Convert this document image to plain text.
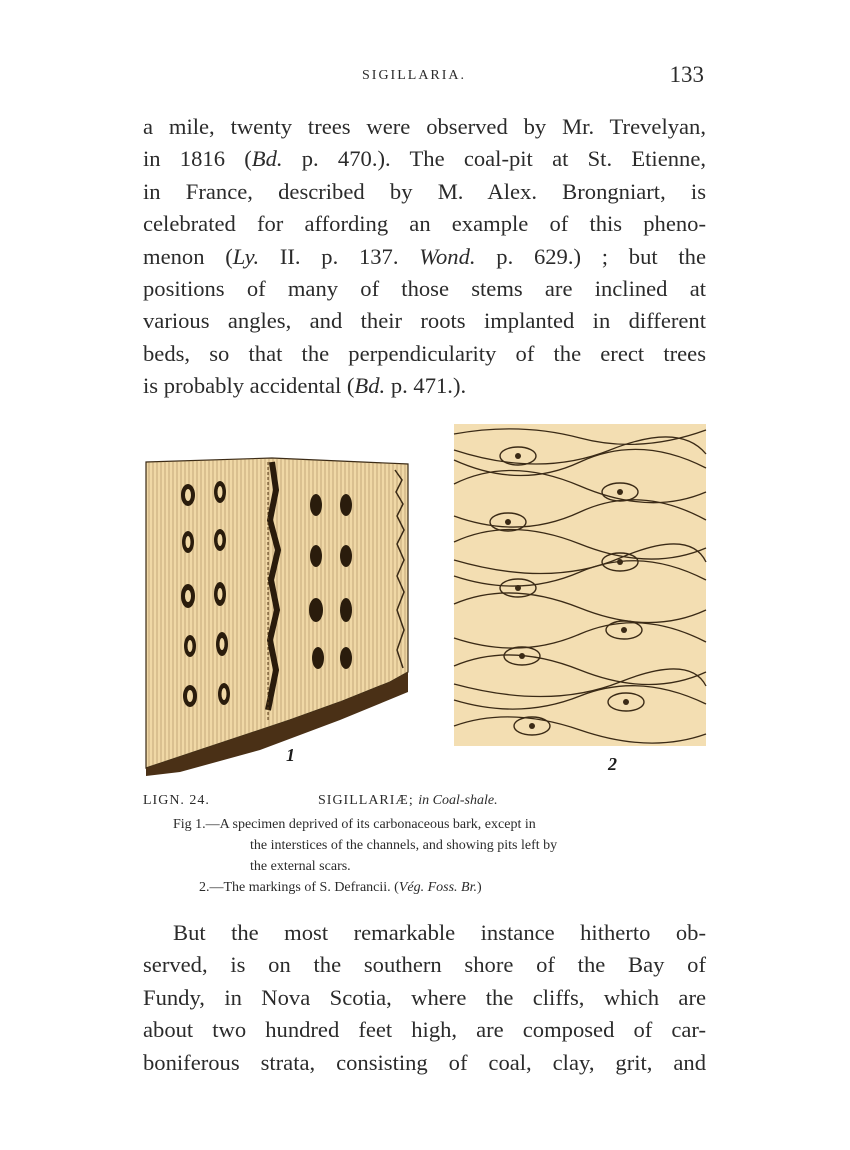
SIGILLARIA.	133
a mile, twenty trees were observed by Mr. Trevelyan,
in 1816 (Bd. p. 470.). The coal-pit at St. Etienne,
in France, described by M. Alex. Brongniart, is
celebrated for affording an example of this pheno-
menon (Ly. II. p. 137. Wond. p. 629.) ; but the
positions of many of those stems are inclined at
various angles, and their roots implanted in different
beds, so that the perpendicularity of the erect trees
is probably accidental (Bd. p. 471.).
1	2
LIGN. 24.	SIGILLARIÆ; in Coal-shale.
Fig 1.—A specimen deprived of its carbonaceous bark, except in
the interstices of the channels, and showing pits left by
the external scars.
2.—The markings of S. Defrancii. (Vég. Foss. Br.)
But the most remarkable instance hitherto ob-
served, is on the southern shore of the Bay of
Fundy, in Nova Scotia, where the cliffs, which are
about two hundred feet high, are composed of car-
boniferous strata, consisting of coal, clay, grit, and
